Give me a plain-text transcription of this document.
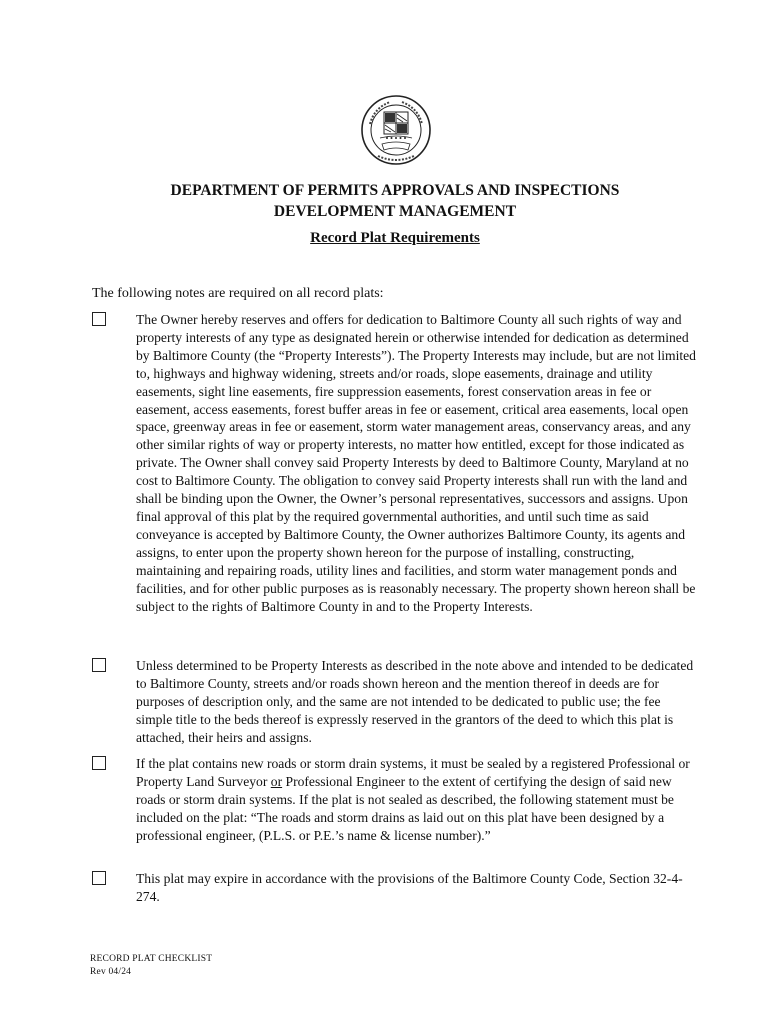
DEPARTMENT OF PERMITS APPROVALS AND INSPECTIONS
DEVELOPMENT MANAGEMENT
Record Plat Requirements
The following notes are required on all record plats:

The Owner hereby reserves and offers for dedication to Baltimore County all such rights of way and property interests of any type as designated herein or otherwise intended for dedication as determined by Baltimore County (the “Property Interests”). The Property Interests may include, but are not limited to, highways and highway widening, streets and/or roads, slope easements, drainage and utility easements, sight line easements, fire suppression easements, forest conservation areas in fee or easement, access easements, forest buffer areas in fee or easement, critical area easements, local open space, greenway areas in fee or easement, storm water management areas, conservancy areas, and any other similar rights of way or property interests, no matter how entitled, except for those indicated as private. The Owner shall convey said Property Interests by deed to Baltimore County, Maryland at no cost to Baltimore County. The obligation to convey said Property interests shall run with the land and shall be binding upon the Owner, the Owner’s personal representatives, successors and assigns. Upon final approval of this plat by the required governmental authorities, and until such time as said conveyance is accepted by Baltimore County, the Owner authorizes Baltimore County, its agents and assigns, to enter upon the property shown hereon for the purpose of installing, constructing, maintaining and repairing roads, utility lines and facilities, and storm water management ponds and facilities, and for other public purposes as is reasonably necessary. The property shown hereon shall be subject to the rights of Baltimore County in and to the Property Interests.

Unless determined to be Property Interests as described in the note above and intended to be dedicated to Baltimore County, streets and/or roads shown hereon and the mention thereof in deeds are for purposes of description only, and the same are not intended to be dedicated to public use; the fee simple title to the beds thereof is expressly reserved in the grantors of the deed to which this plat is attached, their heirs and assigns.

If the plat contains new roads or storm drain systems, it must be sealed by a registered Professional or Property Land Surveyor or Professional Engineer to the extent of certifying the design of said new roads or storm drain systems. If the plat is not sealed as described, the following statement must be included on the plat: “The roads and storm drains as laid out on this plat have been designed by a professional engineer, (P.L.S. or P.E.’s name & license number).”

This plat may expire in accordance with the provisions of the Baltimore County Code, Section 32-4-274.

RECORD PLAT CHECKLIST
Rev 04/24
